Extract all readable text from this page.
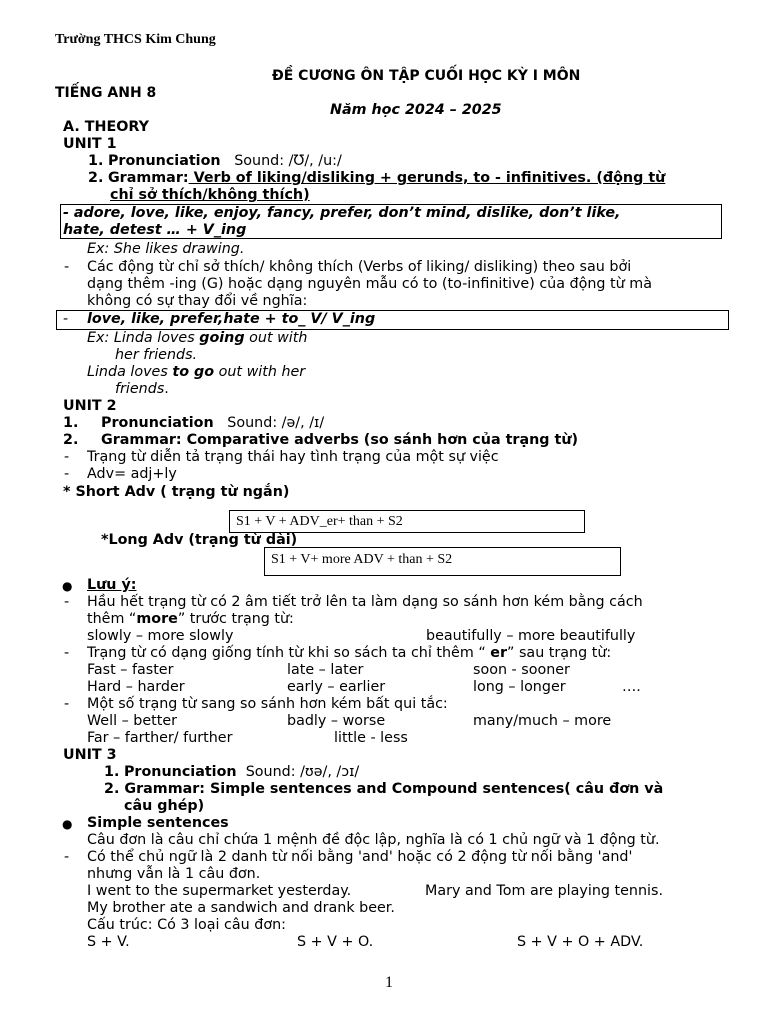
Trường THCS Kim Chung
ĐỀ CƯƠNG ÔN TẬP CUỐI HỌC KỲ I MÔN
TIẾNG ANH 8
Năm học 2024 – 2025
A. THEORY
UNIT 1
1. Pronunciation Sound: /Ʊ/, /u:/
2. Grammar: Verb of liking/disliking + gerunds, to - infinitives. (động từ
chỉ sở thích/không thích)
- adore, love, like, enjoy, fancy, prefer, don’t mind, dislike, don’t like,
hate, detest … + V_ing
Ex: She likes drawing.
- Các động từ chỉ sở thích/ không thích (Verbs of liking/ disliking) theo sau bởi
dạng thêm -ing (G) hoặc dạng nguyên mẫu có to (to-infinitive) của động từ mà
không có sự thay đổi về nghĩa:
- love, like, prefer,hate + to_ V/ V_ing
Ex: Linda loves going out with
her friends.
Linda loves to go out with her
friends.
UNIT 2
1. Pronunciation Sound: /ə/, /ɪ/
2. Grammar: Comparative adverbs (so sánh hơn của trạng từ)
- Trạng từ diễn tả trạng thái hay tình trạng của một sự việc
- Adv= adj+ly
* Short Adv ( trạng từ ngắn)
S1 + V + ADV_er+ than + S2
*Long Adv (trạng từ dài)
S1 + V+ more ADV + than + S2
● Lưu ý:
- Hầu hết trạng từ có 2 âm tiết trở lên ta làm dạng so sánh hơn kém bằng cách
thêm “more” trước trạng từ:
slowly – more slowly	beautifully – more beautifully
- Trạng từ có dạng giống tính từ khi so sách ta chỉ thêm “ er” sau trạng từ:
Fast – faster	late – later	soon - sooner
Hard – harder	early – earlier	long – longer	….
- Một số trạng từ sang so sánh hơn kém bất qui tắc:
Well – better	badly – worse	many/much – more
Far – farther/ further	little - less
UNIT 3
1. Pronunciation Sound: /ʊə/, /ɔɪ/
2. Grammar: Simple sentences and Compound sentences( câu đơn và
câu ghép)
● Simple sentences
Câu đơn là câu chỉ chứa 1 mệnh đề độc lập, nghĩa là có 1 chủ ngữ và 1 động từ.
- Có thể chủ ngữ là 2 danh từ nối bằng 'and' hoặc có 2 động từ nối bằng 'and'
nhưng vẫn là 1 câu đơn.
I went to the supermarket yesterday.	Mary and Tom are playing tennis.
My brother ate a sandwich and drank beer.
Cấu trúc: Có 3 loại câu đơn:
S + V.	S + V + O.	S + V + O + ADV.
1
